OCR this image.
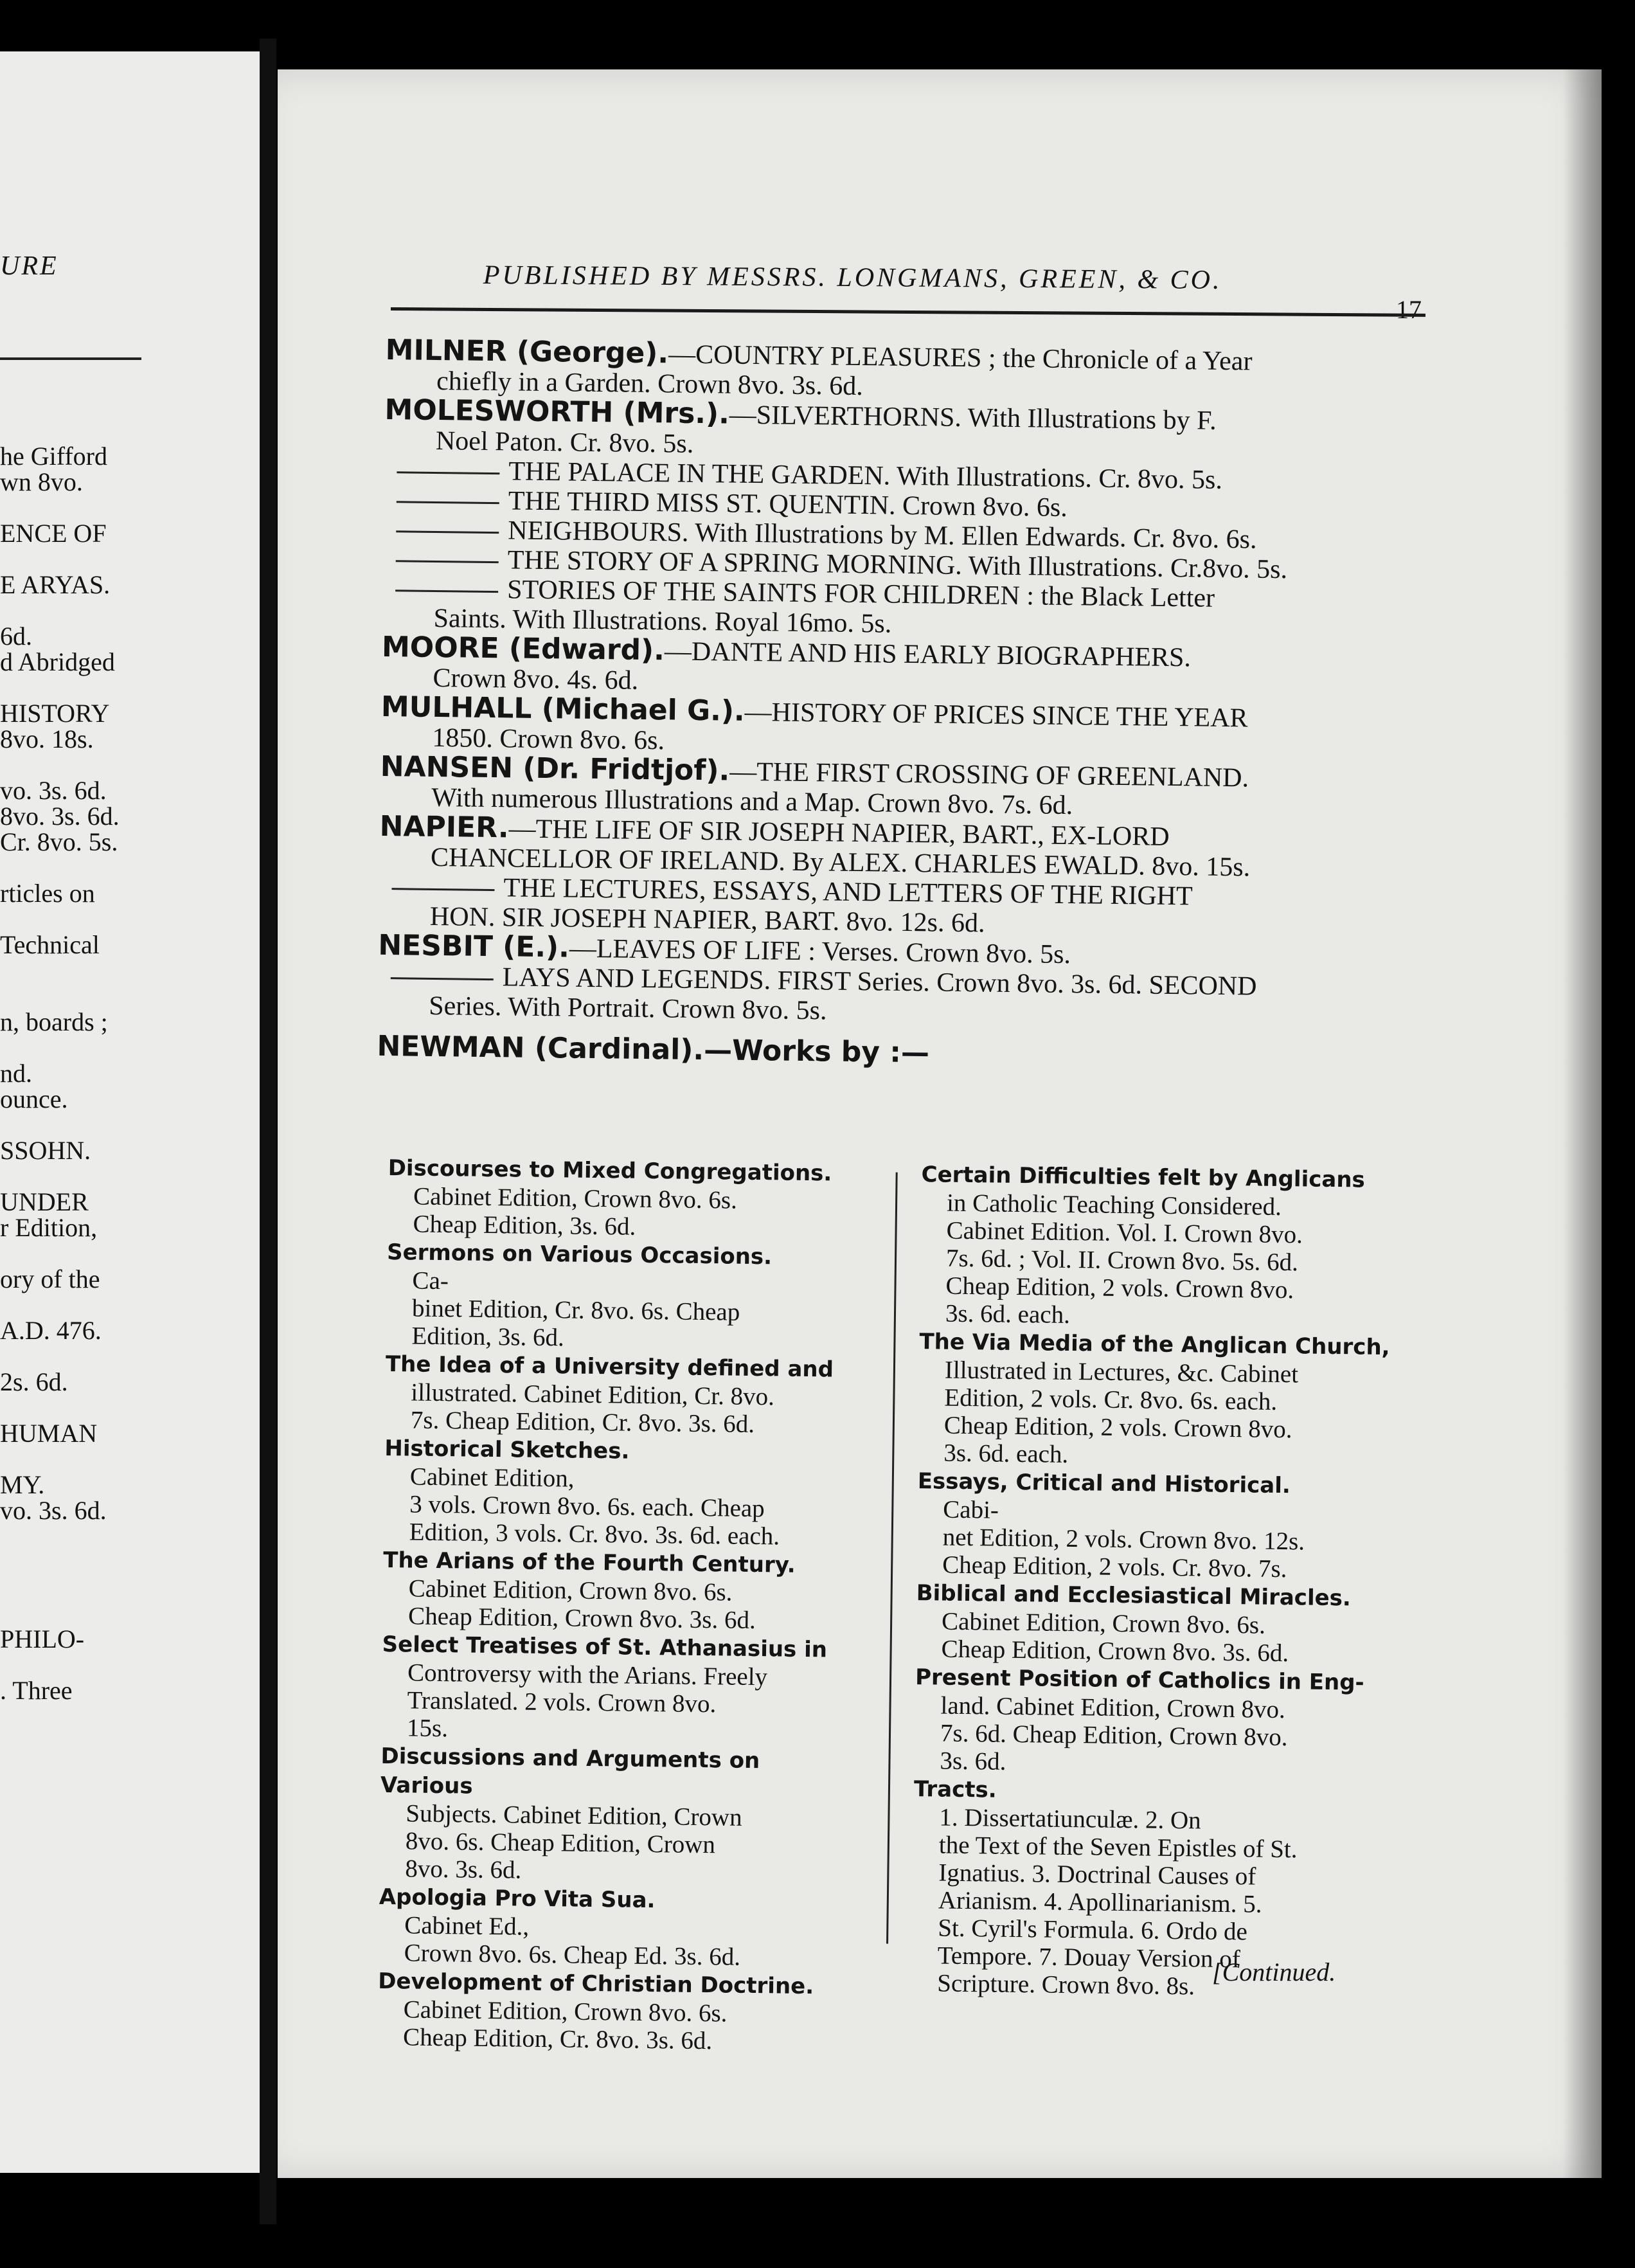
URE
he Gifford
wn 8vo.
ENCE OF
E ARYAS.
6d.
d Abridged
HISTORY
8vo. 18s.
vo. 3s. 6d.
8vo. 3s. 6d.
Cr. 8vo. 5s.
rticles on
Technical
n, boards ;
nd.
ounce.
SSOHN.
UNDER
r Edition,
ory of the
A.D. 476.
2s. 6d.
HUMAN
MY.
vo. 3s. 6d.
PHILO-
. Three
PUBLISHED BY MESSRS. LONGMANS, GREEN, & CO.
17
MILNER (George).—COUNTRY PLEASURES ; the Chronicle of a Year
chiefly in a Garden. Crown 8vo. 3s. 6d.
MOLESWORTH (Mrs.).—SILVERTHORNS. With Illustrations by F.
Noel Paton. Cr. 8vo. 5s.
THE PALACE IN THE GARDEN. With Illustrations. Cr. 8vo. 5s.
THE THIRD MISS ST. QUENTIN. Crown 8vo. 6s.
NEIGHBOURS. With Illustrations by M. Ellen Edwards. Cr. 8vo. 6s.
THE STORY OF A SPRING MORNING. With Illustrations. Cr.8vo. 5s.
STORIES OF THE SAINTS FOR CHILDREN : the Black Letter
Saints. With Illustrations. Royal 16mo. 5s.
MOORE (Edward).—DANTE AND HIS EARLY BIOGRAPHERS.
Crown 8vo. 4s. 6d.
MULHALL (Michael G.).—HISTORY OF PRICES SINCE THE YEAR
1850. Crown 8vo. 6s.
NANSEN (Dr. Fridtjof).—THE FIRST CROSSING OF GREENLAND.
With numerous Illustrations and a Map. Crown 8vo. 7s. 6d.
NAPIER.—THE LIFE OF SIR JOSEPH NAPIER, BART., EX-LORD
CHANCELLOR OF IRELAND. By ALEX. CHARLES EWALD. 8vo. 15s.
THE LECTURES, ESSAYS, AND LETTERS OF THE RIGHT
HON. SIR JOSEPH NAPIER, BART. 8vo. 12s. 6d.
NESBIT (E.).—LEAVES OF LIFE : Verses. Crown 8vo. 5s.
LAYS AND LEGENDS. FIRST Series. Crown 8vo. 3s. 6d. SECOND
Series. With Portrait. Crown 8vo. 5s.
NEWMAN (Cardinal).—Works by :—
Discourses to Mixed Congregations.
Cabinet Edition, Crown 8vo. 6s.
Cheap Edition, 3s. 6d.
Sermons on Various Occasions.
Ca-
binet Edition, Cr. 8vo. 6s. Cheap
Edition, 3s. 6d.
The Idea of a University defined and
illustrated. Cabinet Edition, Cr. 8vo.
7s. Cheap Edition, Cr. 8vo. 3s. 6d.
Historical Sketches.
Cabinet Edition,
3 vols. Crown 8vo. 6s. each. Cheap
Edition, 3 vols. Cr. 8vo. 3s. 6d. each.
The Arians of the Fourth Century.
Cabinet Edition, Crown 8vo. 6s.
Cheap Edition, Crown 8vo. 3s. 6d.
Select Treatises of St. Athanasius in
Controversy with the Arians. Freely
Translated. 2 vols. Crown 8vo.
15s.
Discussions and Arguments on Various
Subjects. Cabinet Edition, Crown
8vo. 6s. Cheap Edition, Crown
8vo. 3s. 6d.
Apologia Pro Vita Sua.
Cabinet Ed.,
Crown 8vo. 6s. Cheap Ed. 3s. 6d.
Development of Christian Doctrine.
Cabinet Edition, Crown 8vo. 6s.
Cheap Edition, Cr. 8vo. 3s. 6d.
Certain Difficulties felt by Anglicans
in Catholic Teaching Considered.
Cabinet Edition. Vol. I. Crown 8vo.
7s. 6d. ; Vol. II. Crown 8vo. 5s. 6d.
Cheap Edition, 2 vols. Crown 8vo.
3s. 6d. each.
The Via Media of the Anglican Church,
Illustrated in Lectures, &c. Cabinet
Edition, 2 vols. Cr. 8vo. 6s. each.
Cheap Edition, 2 vols. Crown 8vo.
3s. 6d. each.
Essays, Critical and Historical.
Cabi-
net Edition, 2 vols. Crown 8vo. 12s.
Cheap Edition, 2 vols. Cr. 8vo. 7s.
Biblical and Ecclesiastical Miracles.
Cabinet Edition, Crown 8vo. 6s.
Cheap Edition, Crown 8vo. 3s. 6d.
Present Position of Catholics in Eng-
land. Cabinet Edition, Crown 8vo.
7s. 6d. Cheap Edition, Crown 8vo.
3s. 6d.
Tracts.
1. Dissertatiunculæ. 2. On
the Text of the Seven Epistles of St.
Ignatius. 3. Doctrinal Causes of
Arianism. 4. Apollinarianism. 5.
St. Cyril's Formula. 6. Ordo de
Tempore. 7. Douay Version of
Scripture. Crown 8vo. 8s. [Continued.
